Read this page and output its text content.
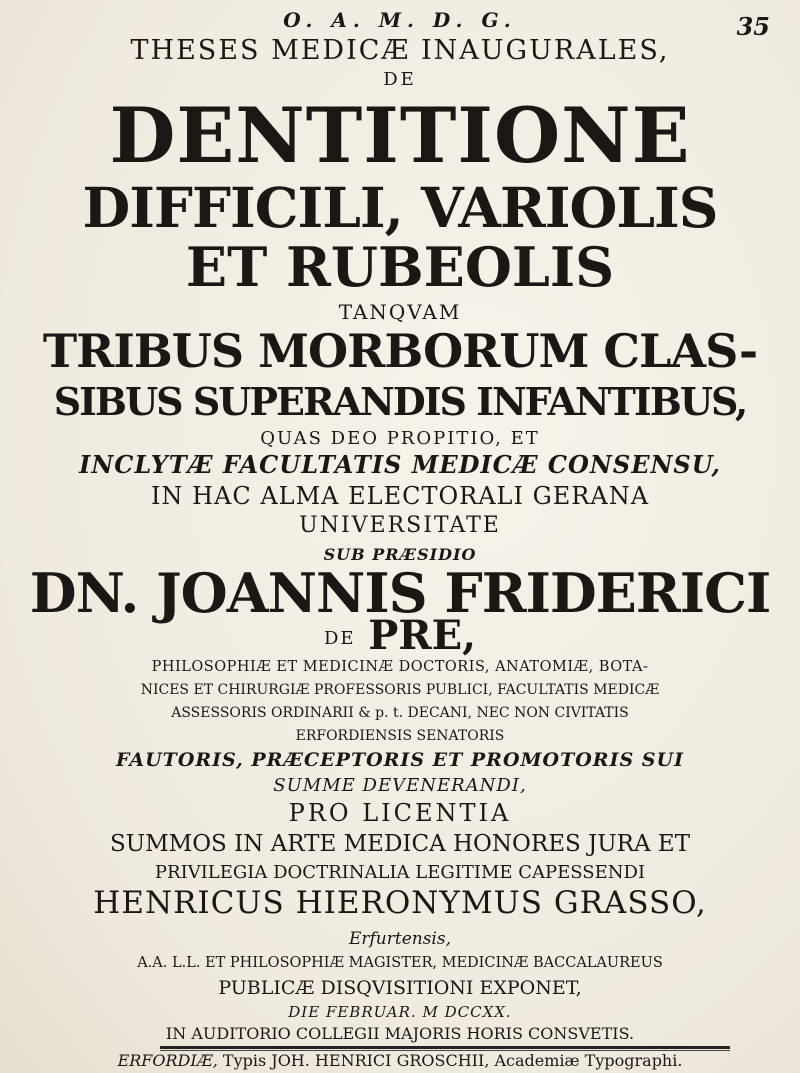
35
O. A. M. D. G.
THESES MEDICÆ INAUGURALES,
DE
DENTITIONE
DIFFICILI, VARIOLIS
ET RUBEOLIS
TANQVAM
TRIBUS MORBORUM CLAS-
SIBUS SUPERANDIS INFANTIBUS,
QUAS DEO PROPITIO, ET
INCLYTÆ FACULTATIS MEDICÆ CONSENSU,
IN HAC ALMA ELECTORALI GERANA
UNIVERSITATE
SUB PRÆSIDIO
DN. JOANNIS FRIDERICI
DE PRE,
PHILOSOPHIÆ ET MEDICINÆ DOCTORIS, ANATOMIÆ, BOTA-
NICES ET CHIRURGIÆ PROFESSORIS PUBLICI, FACULTATIS MEDICÆ
ASSESSORIS ORDINARII & p. t. DECANI, NEC NON CIVITATIS
ERFORDIENSIS SENATORIS
FAUTORIS, PRÆCEPTORIS ET PROMOTORIS SUI
SUMME DEVENERANDI,
PRO LICENTIA
SUMMOS IN ARTE MEDICA HONORES JURA ET
PRIVILEGIA DOCTRINALIA LEGITIME CAPESSENDI
HENRICUS HIERONYMUS GRASSO,
Erfurtensis,
A.A. L.L. ET PHILOSOPHIÆ MAGISTER, MEDICINÆ BACCALAUREUS
PUBLICÆ DISQVISITIONI EXPONET,
DIE FEBRUAR. M DCCXX.
IN AUDITORIO COLLEGII MAJORIS HORIS CONSVETIS.
ERFORDIÆ, Typis JOH. HENRICI GROSCHII, Academiæ Typographi.
